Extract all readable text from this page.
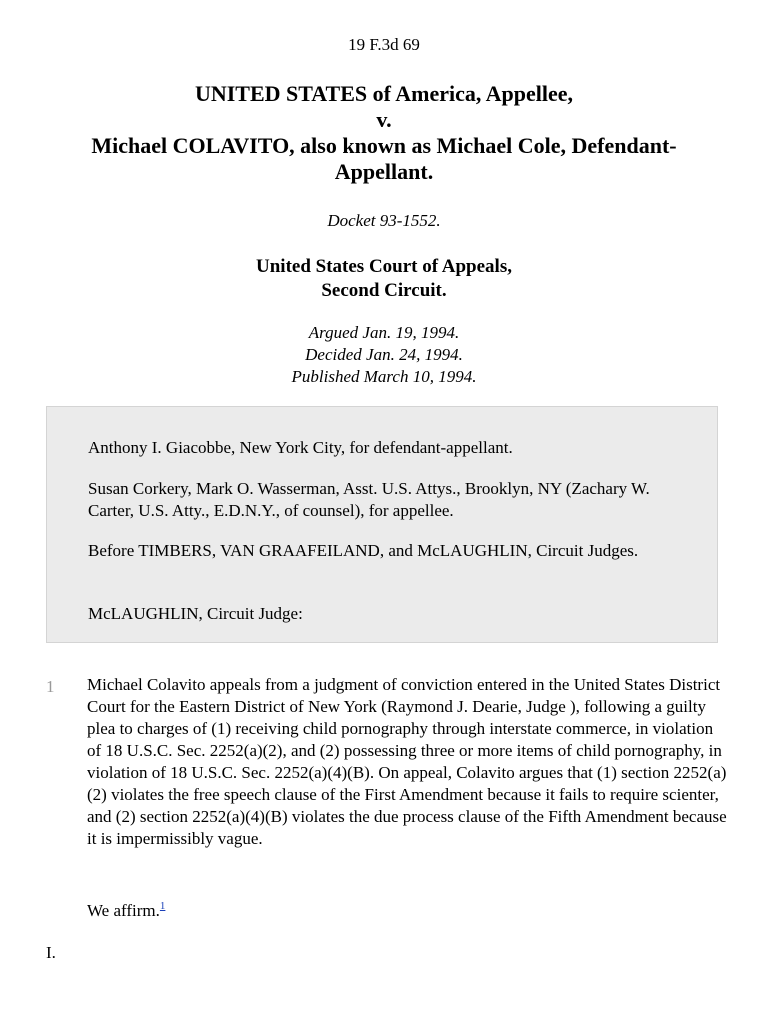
19 F.3d 69
UNITED STATES of America, Appellee,
v.
Michael COLAVITO, also known as Michael Cole, Defendant-
Appellant.
Docket 93-1552.
United States Court of Appeals,
Second Circuit.
Argued Jan. 19, 1994.
Decided Jan. 24, 1994.
Published March 10, 1994.

Anthony I. Giacobbe, New York City, for defendant-appellant.

Susan Corkery, Mark O. Wasserman, Asst. U.S. Attys., Brooklyn, NY (Zachary W. Carter, U.S. Atty., E.D.N.Y., of counsel), for appellee.

Before TIMBERS, VAN GRAAFEILAND, and McLAUGHLIN, Circuit Judges.

McLAUGHLIN, Circuit Judge:

1 Michael Colavito appeals from a judgment of conviction entered in the United States District Court for the Eastern District of New York (Raymond J. Dearie, Judge ), following a guilty plea to charges of (1) receiving child pornography through interstate commerce, in violation of 18 U.S.C. Sec. 2252(a)(2), and (2) possessing three or more items of child pornography, in violation of 18 U.S.C. Sec. 2252(a)(4)(B). On appeal, Colavito argues that (1) section 2252(a)(2) violates the free speech clause of the First Amendment because it fails to require scienter, and (2) section 2252(a)(4)(B) violates the due process clause of the Fifth Amendment because it is impermissibly vague.

We affirm.$^1$

I.
